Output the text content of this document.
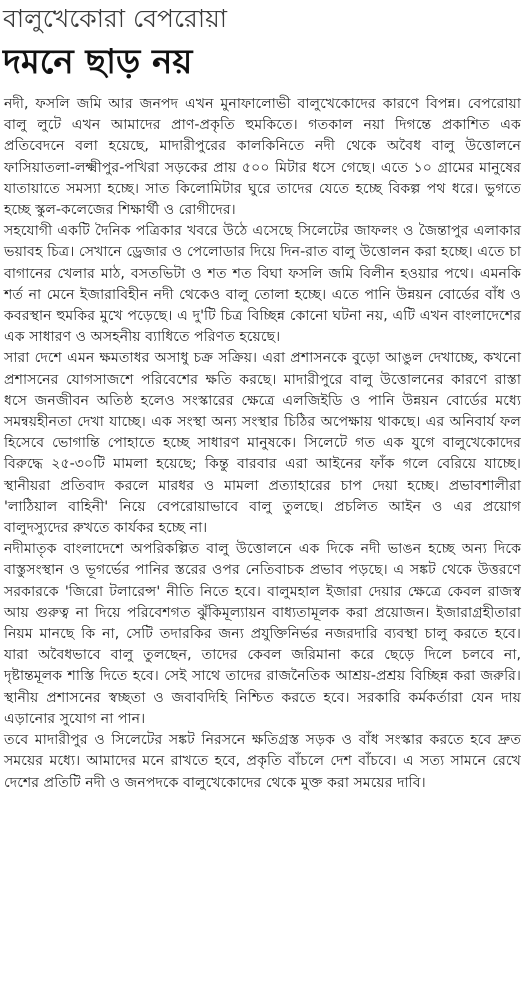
বালুখেকোরা বেপরোয়া
দমনে ছাড় নয়

নদী, ফসলি জমি আর জনপদ এখন মুনাফালোভী বালুখেকোদের কারণে বিপন্ন। বেপরোয়া বালু লুটে এখন আমাদের প্রাণ-প্রকৃতি হুমকিতে। গতকাল নয়া দিগন্তে প্রকাশিত এক প্রতিবেদনে বলা হয়েছে, মাদারীপুরের কালকিনিতে নদী থেকে অবৈধ বালু উত্তোলনে ফাসিয়াতলা-লক্ষ্মীপুর-পখিরা সড়কের প্রায় ৫০০ মিটার ধসে গেছে। এতে ১০ গ্রামের মানুষের যাতায়াতে সমস্যা হচ্ছে। সাত কিলোমিটার ঘুরে তাদের যেতে হচ্ছে বিকল্প পথ ধরে। ভুগতে হচ্ছে স্কুল-কলেজের শিক্ষার্থী ও রোগীদের।

সহযোগী একটি দৈনিক পত্রিকার খবরে উঠে এসেছে সিলেটের জাফলং ও জৈন্তাপুর এলাকার ভয়াবহ চিত্র। সেখানে ড্রেজার ও পেলোডার দিয়ে দিন-রাত বালু উত্তোলন করা হচ্ছে। এতে চা বাগানের খেলার মাঠ, বসতভিটা ও শত শত বিঘা ফসলি জমি বিলীন হওয়ার পথে। এমনকি শর্ত না মেনে ইজারাবিহীন নদী থেকেও বালু তোলা হচ্ছে। এতে পানি উন্নয়ন বোর্ডের বাঁধ ও কবরস্থান হুমকির মুখে পড়েছে। এ দু'টি চিত্র বিচ্ছিন্ন কোনো ঘটনা নয়, এটি এখন বাংলাদেশের এক সাধারণ ও অসহনীয় ব্যাধিতে পরিণত হয়েছে।

সারা দেশে এমন ক্ষমতাধর অসাধু চক্র সক্রিয়। এরা প্রশাসনকে বুড়ো আঙুল দেখাচ্ছে, কখনো প্রশাসনের যোগসাজশে পরিবেশের ক্ষতি করছে। মাদারীপুরে বালু উত্তোলনের কারণে রাস্তা ধসে জনজীবন অতিষ্ঠ হলেও সংস্কারের ক্ষেত্রে এলজিইডি ও পানি উন্নয়ন বোর্ডের মধ্যে সমন্বয়হীনতা দেখা যাচ্ছে। এক সংস্থা অন্য সংস্থার চিঠির অপেক্ষায় থাকছে। এর অনিবার্য ফল হিসেবে ভোগান্তি পোহাতে হচ্ছে সাধারণ মানুষকে। সিলেটে গত এক যুগে বালুখেকোদের বিরুদ্ধে ২৫-৩০টি মামলা হয়েছে; কিন্তু বারবার এরা আইনের ফাঁক গলে বেরিয়ে যাচ্ছে। স্থানীয়রা প্রতিবাদ করলে মারধর ও মামলা প্রত্যাহারের চাপ দেয়া হচ্ছে। প্রভাবশালীরা 'লাঠিয়াল বাহিনী' নিয়ে বেপরোয়াভাবে বালু তুলছে। প্রচলিত আইন ও এর প্রয়োগ বালুদস্যুদের রুখতে কার্যকর হচ্ছে না।

নদীমাতৃক বাংলাদেশে অপরিকল্পিত বালু উত্তোলনে এক দিকে নদী ভাঙন হচ্ছে অন্য দিকে বাস্তুসংস্থান ও ভূগর্ভের পানির স্তরের ওপর নেতিবাচক প্রভাব পড়ছে। এ সঙ্কট থেকে উত্তরণে সরকারকে 'জিরো টলারেন্স' নীতি নিতে হবে। বালুমহাল ইজারা দেয়ার ক্ষেত্রে কেবল রাজস্ব আয় গুরুত্ব না দিয়ে পরিবেশগত ঝুঁকিমূল্যায়ন বাধ্যতামূলক করা প্রয়োজন। ইজারাগ্রহীতারা নিয়ম মানছে কি না, সেটি তদারকির জন্য প্রযুক্তিনির্ভর নজরদারি ব্যবস্থা চালু করতে হবে। যারা অবৈধভাবে বালু তুলছেন, তাদের কেবল জরিমানা করে ছেড়ে দিলে চলবে না, দৃষ্টান্তমূলক শাস্তি দিতে হবে। সেই সাথে তাদের রাজনৈতিক আশ্রয়-প্রশ্রয় বিচ্ছিন্ন করা জরুরি। স্থানীয় প্রশাসনের স্বচ্ছতা ও জবাবদিহি নিশ্চিত করতে হবে। সরকারি কর্মকর্তারা যেন দায় এড়ানোর সুযোগ না পান।

তবে মাদারীপুর ও সিলেটের সঙ্কট নিরসনে ক্ষতিগ্রস্ত সড়ক ও বাঁধ সংস্কার করতে হবে দ্রুত সময়ের মধ্যে। আমাদের মনে রাখতে হবে, প্রকৃতি বাঁচলে দেশ বাঁচবে। এ সত্য সামনে রেখে দেশের প্রতিটি নদী ও জনপদকে বালুখেকোদের থেকে মুক্ত করা সময়ের দাবি।
